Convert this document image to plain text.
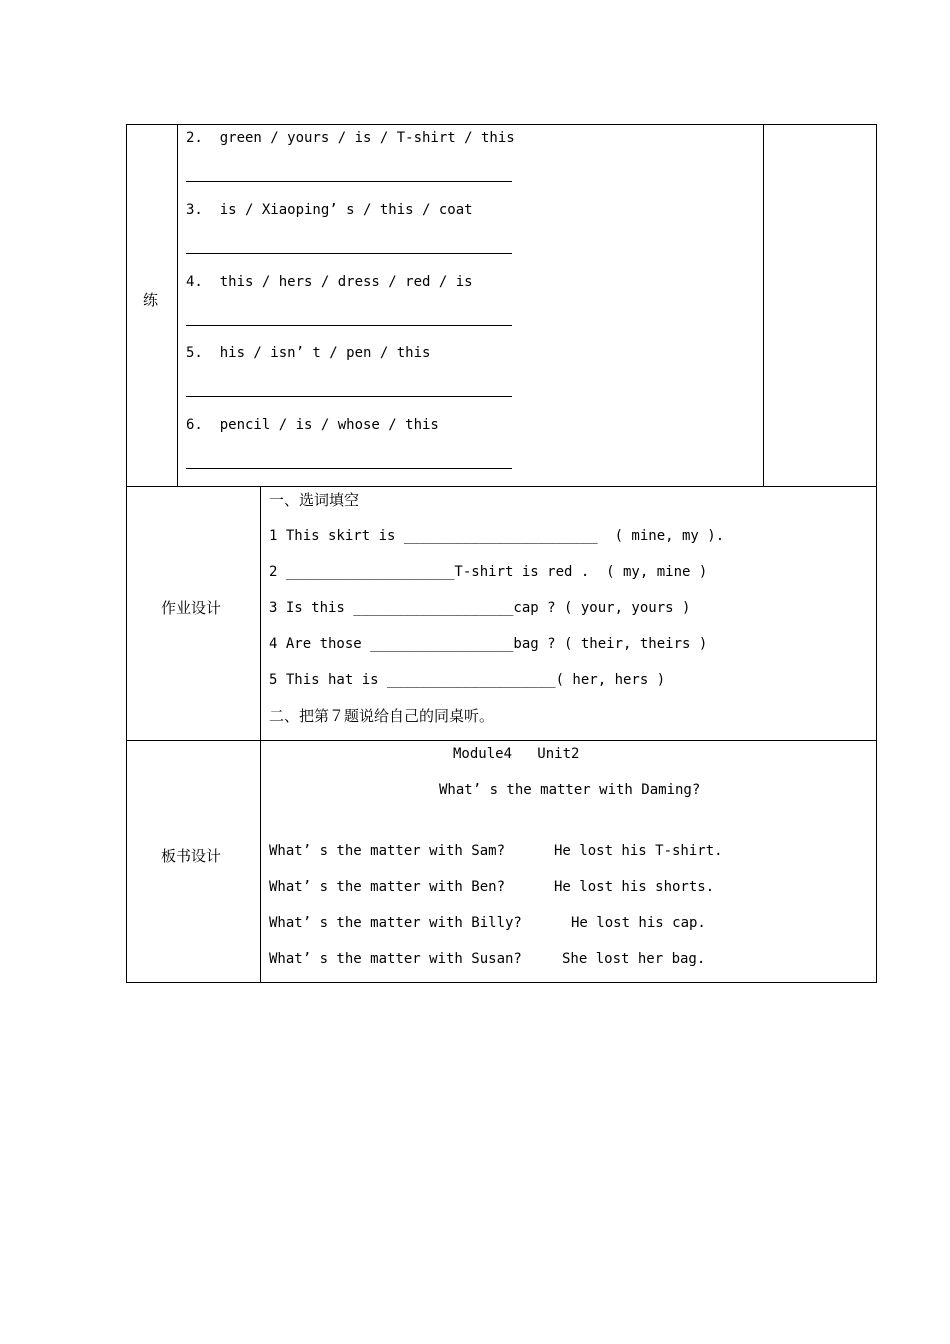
练
2.  green / yours / is / T-shirt / this
3.  is / Xiaoping’ s / this / coat
4.  this / hers / dress / red / is
5.  his / isn’ t / pen / this
6.  pencil / is / whose / this
作业设计
一、选词填空
1 This skirt is _______________________  ( mine, my ).
2 ____________________T-shirt is red .  ( my, mine )
3 Is this ___________________cap ? ( your, yours )
4 Are those _________________bag ? ( their, theirs )
5 This hat is ____________________( her, hers )
二、把第７题说给自己的同桌听。
板书设计
Module4   Unit2
What’ s the matter with Daming?
What’ s the matter with Sam?	He lost his T-shirt.
What’ s the matter with Ben?	He lost his shorts.
What’ s the matter with Billy?	He lost his cap.
What’ s the matter with Susan?	She lost her bag.
